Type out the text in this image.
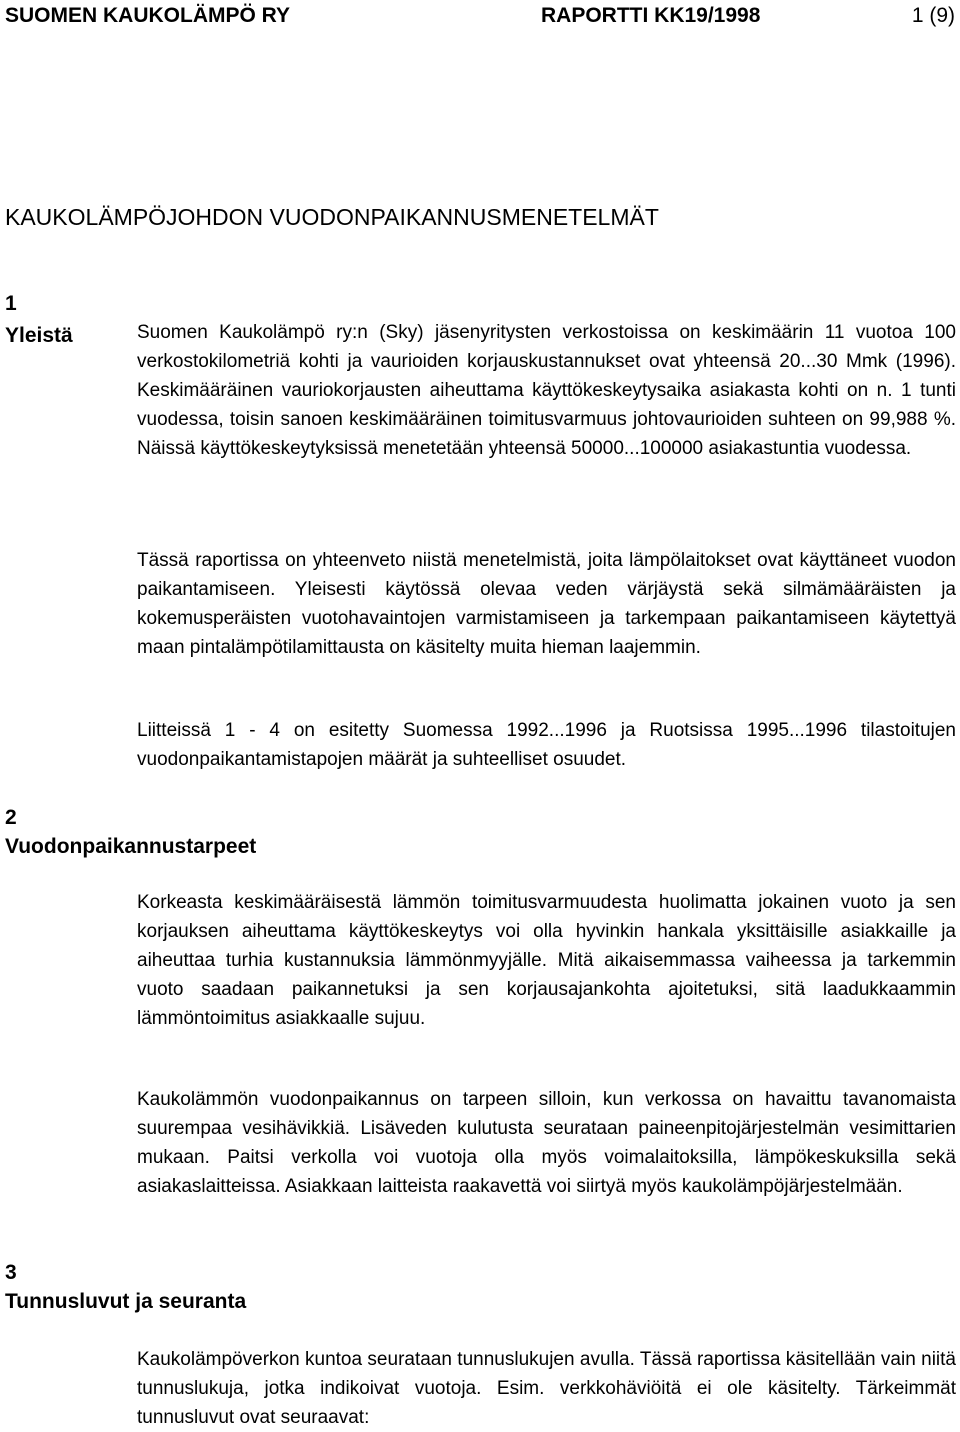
SUOMEN KAUKOLÄMPÖ RY	RAPORTTI KK19/1998	1 (9)
KAUKOLÄMPÖJOHDON VUODONPAIKANNUSMENETELMÄT
1
Yleistä	Suomen Kaukolämpö ry:n (Sky) jäsenyritysten verkostoissa on keskimäärin 11 vuotoa 100 verkostokilometriä kohti ja vaurioiden korjauskustannukset ovat yhteensä 20...30 Mmk (1996). Keskimääräinen vauriokorjausten aiheuttama käyttökeskeytysaika asiakasta kohti on n. 1 tunti vuodessa, toisin sanoen keskimääräinen toimitusvarmuus johtovaurioiden suhteen on 99,988 %. Näissä käyttökeskeytyksissä menetetään yhteensä 50000...100000 asiakastuntia vuodessa.

Tässä raportissa on yhteenveto niistä menetelmistä, joita lämpölaitokset ovat käyttäneet vuodon paikantamiseen. Yleisesti käytössä olevaa veden värjäystä sekä silmämääräisten ja kokemusperäisten vuotohavaintojen varmistamiseen ja tarkempaan paikantamiseen käytettyä maan pintalämpötilamittausta on käsitelty muita hieman laajemmin.

Liitteissä 1 - 4 on esitetty Suomessa 1992...1996 ja Ruotsissa 1995...1996 tilastoitujen vuodonpaikantamistapojen määrät ja suhteelliset osuudet.

2
Vuodonpaikannustarpeet

Korkeasta keskimääräisestä lämmön toimitusvarmuudesta huolimatta jokainen vuoto ja sen korjauksen aiheuttama käyttökeskeytys voi olla hyvinkin hankala yksittäisille asiakkaille ja aiheuttaa turhia kustannuksia lämmönmyyjälle. Mitä aikaisemmassa vaiheessa ja tarkemmin vuoto saadaan paikannetuksi ja sen korjausajankohta ajoitetuksi, sitä laadukkaammin lämmöntoimitus asiakkaalle sujuu.

Kaukolämmön vuodonpaikannus on tarpeen silloin, kun verkossa on havaittu tavanomaista suurempaa vesihävikkiä. Lisäveden kulutusta seurataan paineenpitojärjestelmän vesimittarien mukaan. Paitsi verkolla voi vuotoja olla myös voimalaitoksilla, lämpökeskuksilla sekä asiakaslaitteissa. Asiakkaan laitteista raakavettä voi siirtyä myös kaukolämpöjärjestelmään.

3
Tunnusluvut ja seuranta

Kaukolämpöverkon kuntoa seurataan tunnuslukujen avulla. Tässä raportissa käsitellään vain niitä tunnuslukuja, jotka indikoivat vuotoja. Esim. verkkohäviöitä ei ole käsitelty. Tärkeimmät tunnusluvut ovat seuraavat:
